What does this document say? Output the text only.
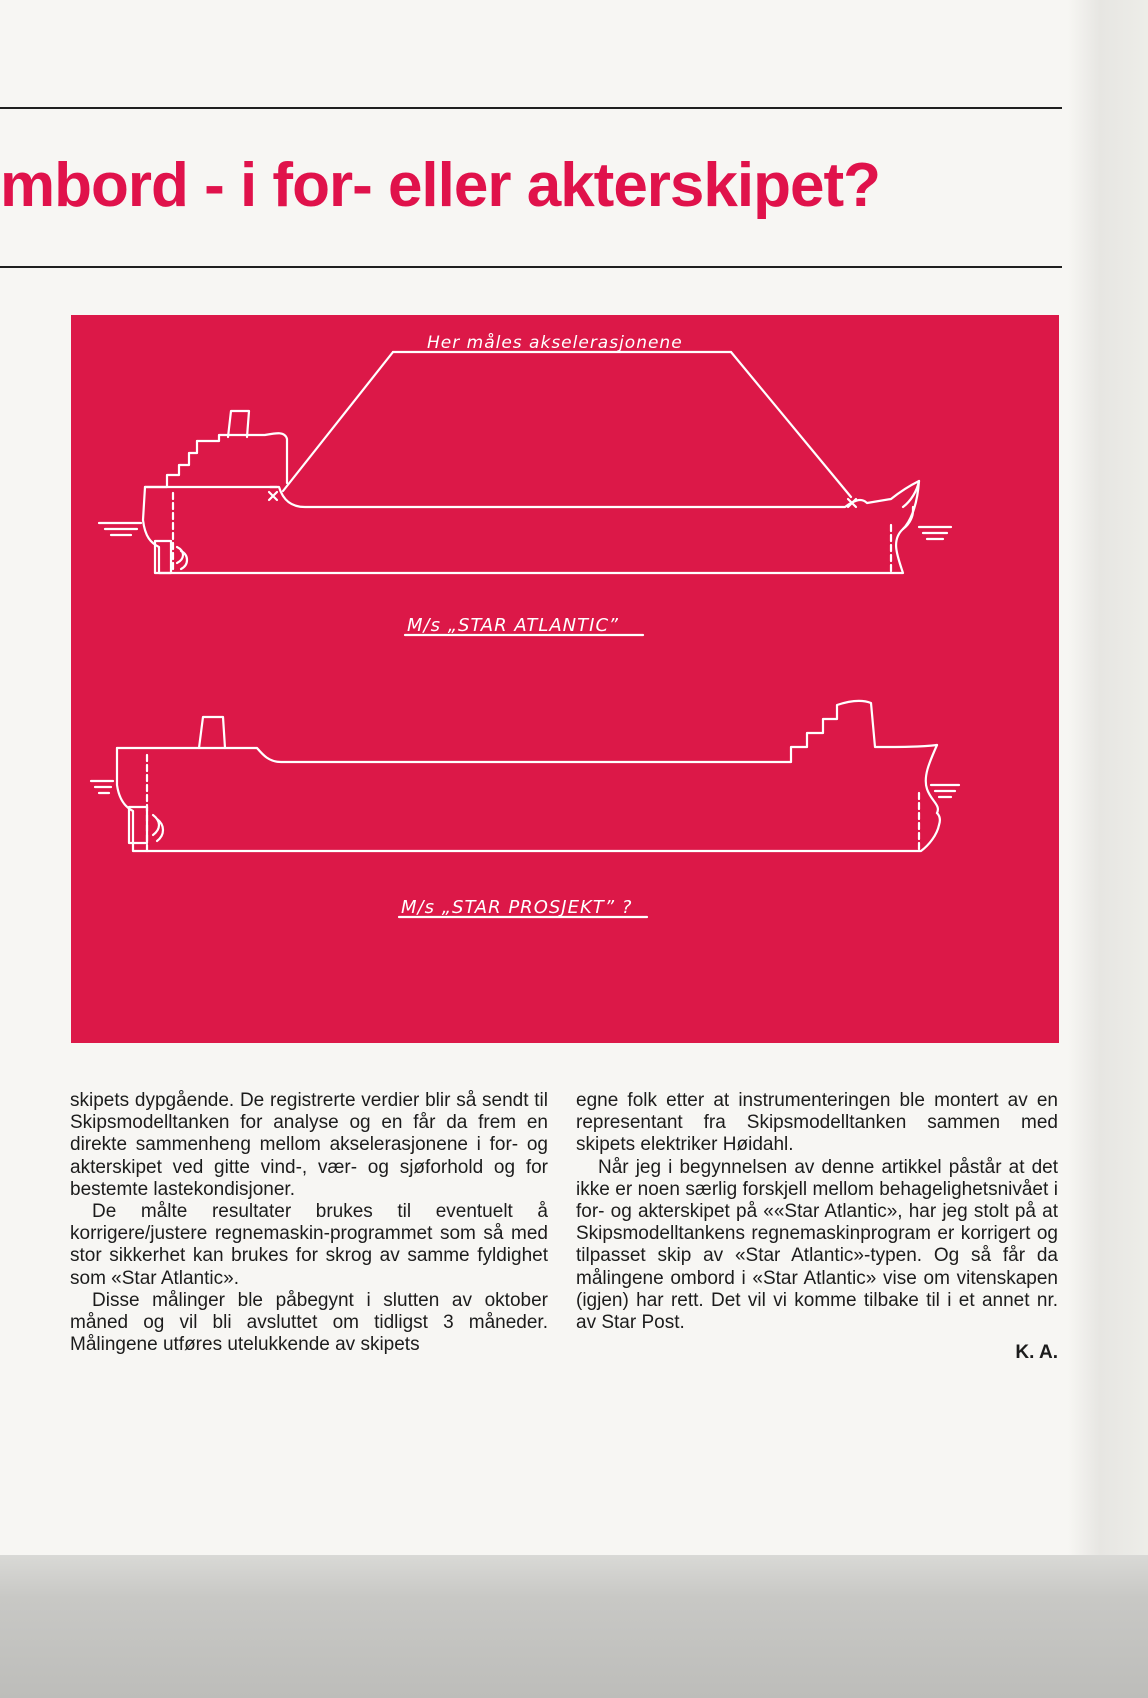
mbord - i for- eller akterskipet?
Her måles akselerasjonene
M/s „STAR ATLANTIC”
M/s „STAR PROSJEKT” ?

skipets dypgående. De registrerte verdier blir så sendt til Skipsmodelltanken for analyse og en får da frem en direkte sammenheng mellom akselerasjonene i for- og akterskipet ved gitte vind-, vær- og sjøforhold og for bestemte lastekondisjoner.

De målte resultater brukes til eventuelt å korrigere/justere regnemaskin-programmet som så med stor sikkerhet kan brukes for skrog av samme fyldighet som «Star Atlantic».

Disse målinger ble påbegynt i slutten av oktober måned og vil bli avsluttet om tidligst 3 måneder. Målingene utføres utelukkende av skipets

egne folk etter at instrumenteringen ble montert av en representant fra Skipsmodelltanken sammen med skipets elektriker Høidahl.

Når jeg i begynnelsen av denne artikkel påstår at det ikke er noen særlig forskjell mellom behagelighetsnivået i for- og akterskipet på ««Star Atlantic», har jeg stolt på at Skipsmodelltankens regnemaskinprogram er korrigert og tilpasset skip av «Star Atlantic»-typen. Og så får da målingene ombord i «Star Atlantic» vise om vitenskapen (igjen) har rett. Det vil vi komme tilbake til i et annet nr. av Star Post.

K. A.
